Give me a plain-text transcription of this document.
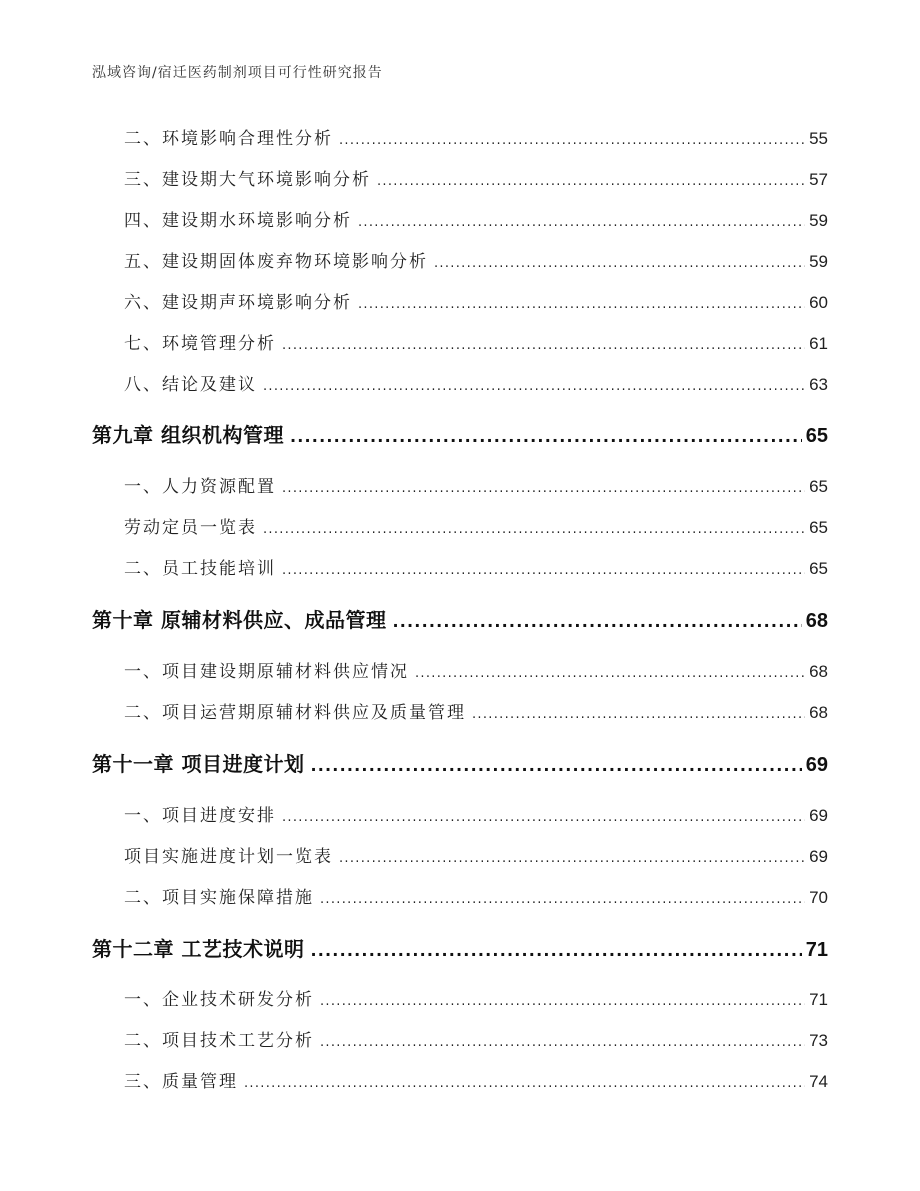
泓域咨询/宿迁医药制剂项目可行性研究报告
二、 环境影响合理性分析 .....	55
三、 建设期大气环境影响分析 .....	57
四、 建设期水环境影响分析 .....	59
五、 建设期固体废弃物环境影响分析 .....	59
六、 建设期声环境影响分析 .....	60
七、 环境管理分析 .....	61
八、 结论及建议 .....	63
第九章 组织机构管理 .....	65
一、 人力资源配置 .....	65
劳动定员一览表 .....	65
二、 员工技能培训 .....	65
第十章 原辅材料供应、成品管理 .....	68
一、 项目建设期原辅材料供应情况 .....	68
二、 项目运营期原辅材料供应及质量管理 .....	68
第十一章 项目进度计划 .....	69
一、 项目进度安排 .....	69
项目实施进度计划一览表 .....	69
二、 项目实施保障措施 .....	70
第十二章 工艺技术说明 .....	71
一、 企业技术研发分析 .....	71
二、 项目技术工艺分析 .....	73
三、 质量管理 .....	74
